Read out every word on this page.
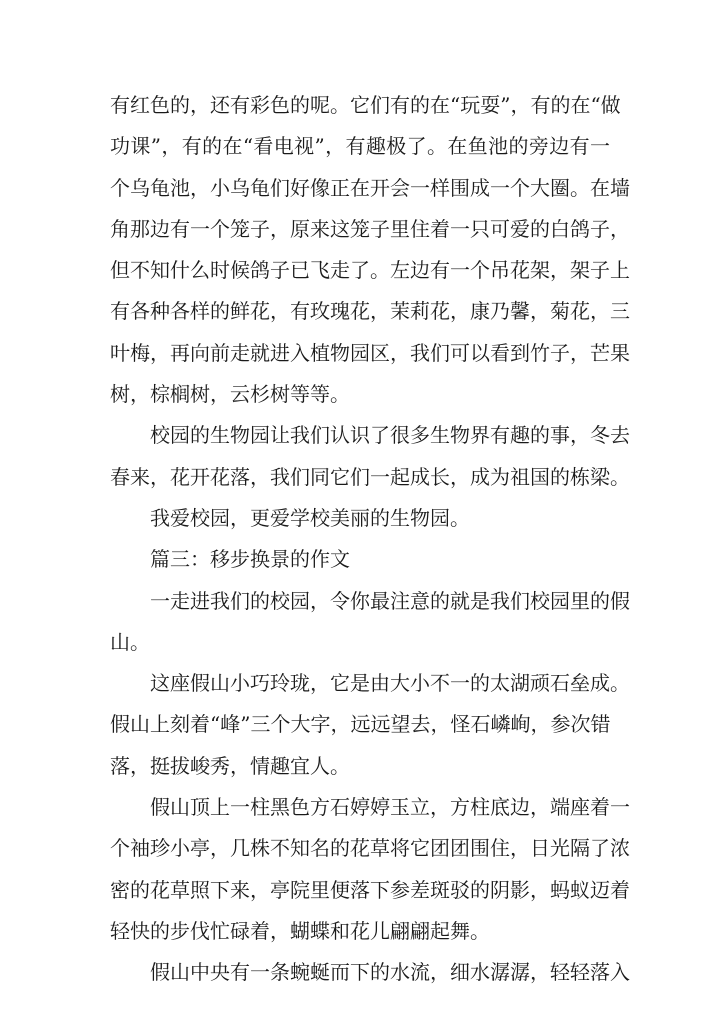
有红色的，还有彩色的呢。它们有的在“玩耍”，有的在“做
功课”，有的在“看电视”，有趣极了。在鱼池的旁边有一
个乌龟池，小乌龟们好像正在开会一样围成一个大圈。在墙
角那边有一个笼子，原来这笼子里住着一只可爱的白鸽子，
但不知什么时候鸽子已飞走了。左边有一个吊花架，架子上
有各种各样的鲜花，有玫瑰花，茉莉花，康乃馨，菊花，三
叶梅，再向前走就进入植物园区，我们可以看到竹子，芒果
树，棕榈树，云杉树等等。
校园的生物园让我们认识了很多生物界有趣的事，冬去
春来，花开花落，我们同它们一起成长，成为祖国的栋梁。
我爱校园，更爱学校美丽的生物园。
篇三：移步换景的作文
一走进我们的校园，令你最注意的就是我们校园里的假
山。
这座假山小巧玲珑，它是由大小不一的太湖顽石垒成。
假山上刻着“峰”三个大字，远远望去，怪石嶙峋，参次错
落，挺拔峻秀，情趣宜人。
假山顶上一柱黑色方石婷婷玉立，方柱底边，端座着一
个袖珍小亭，几株不知名的花草将它团团围住，日光隔了浓
密的花草照下来，亭院里便落下参差斑驳的阴影，蚂蚁迈着
轻快的步伐忙碌着，蝴蝶和花儿翩翩起舞。
假山中央有一条蜿蜒而下的水流，细水潺潺，轻轻落入
